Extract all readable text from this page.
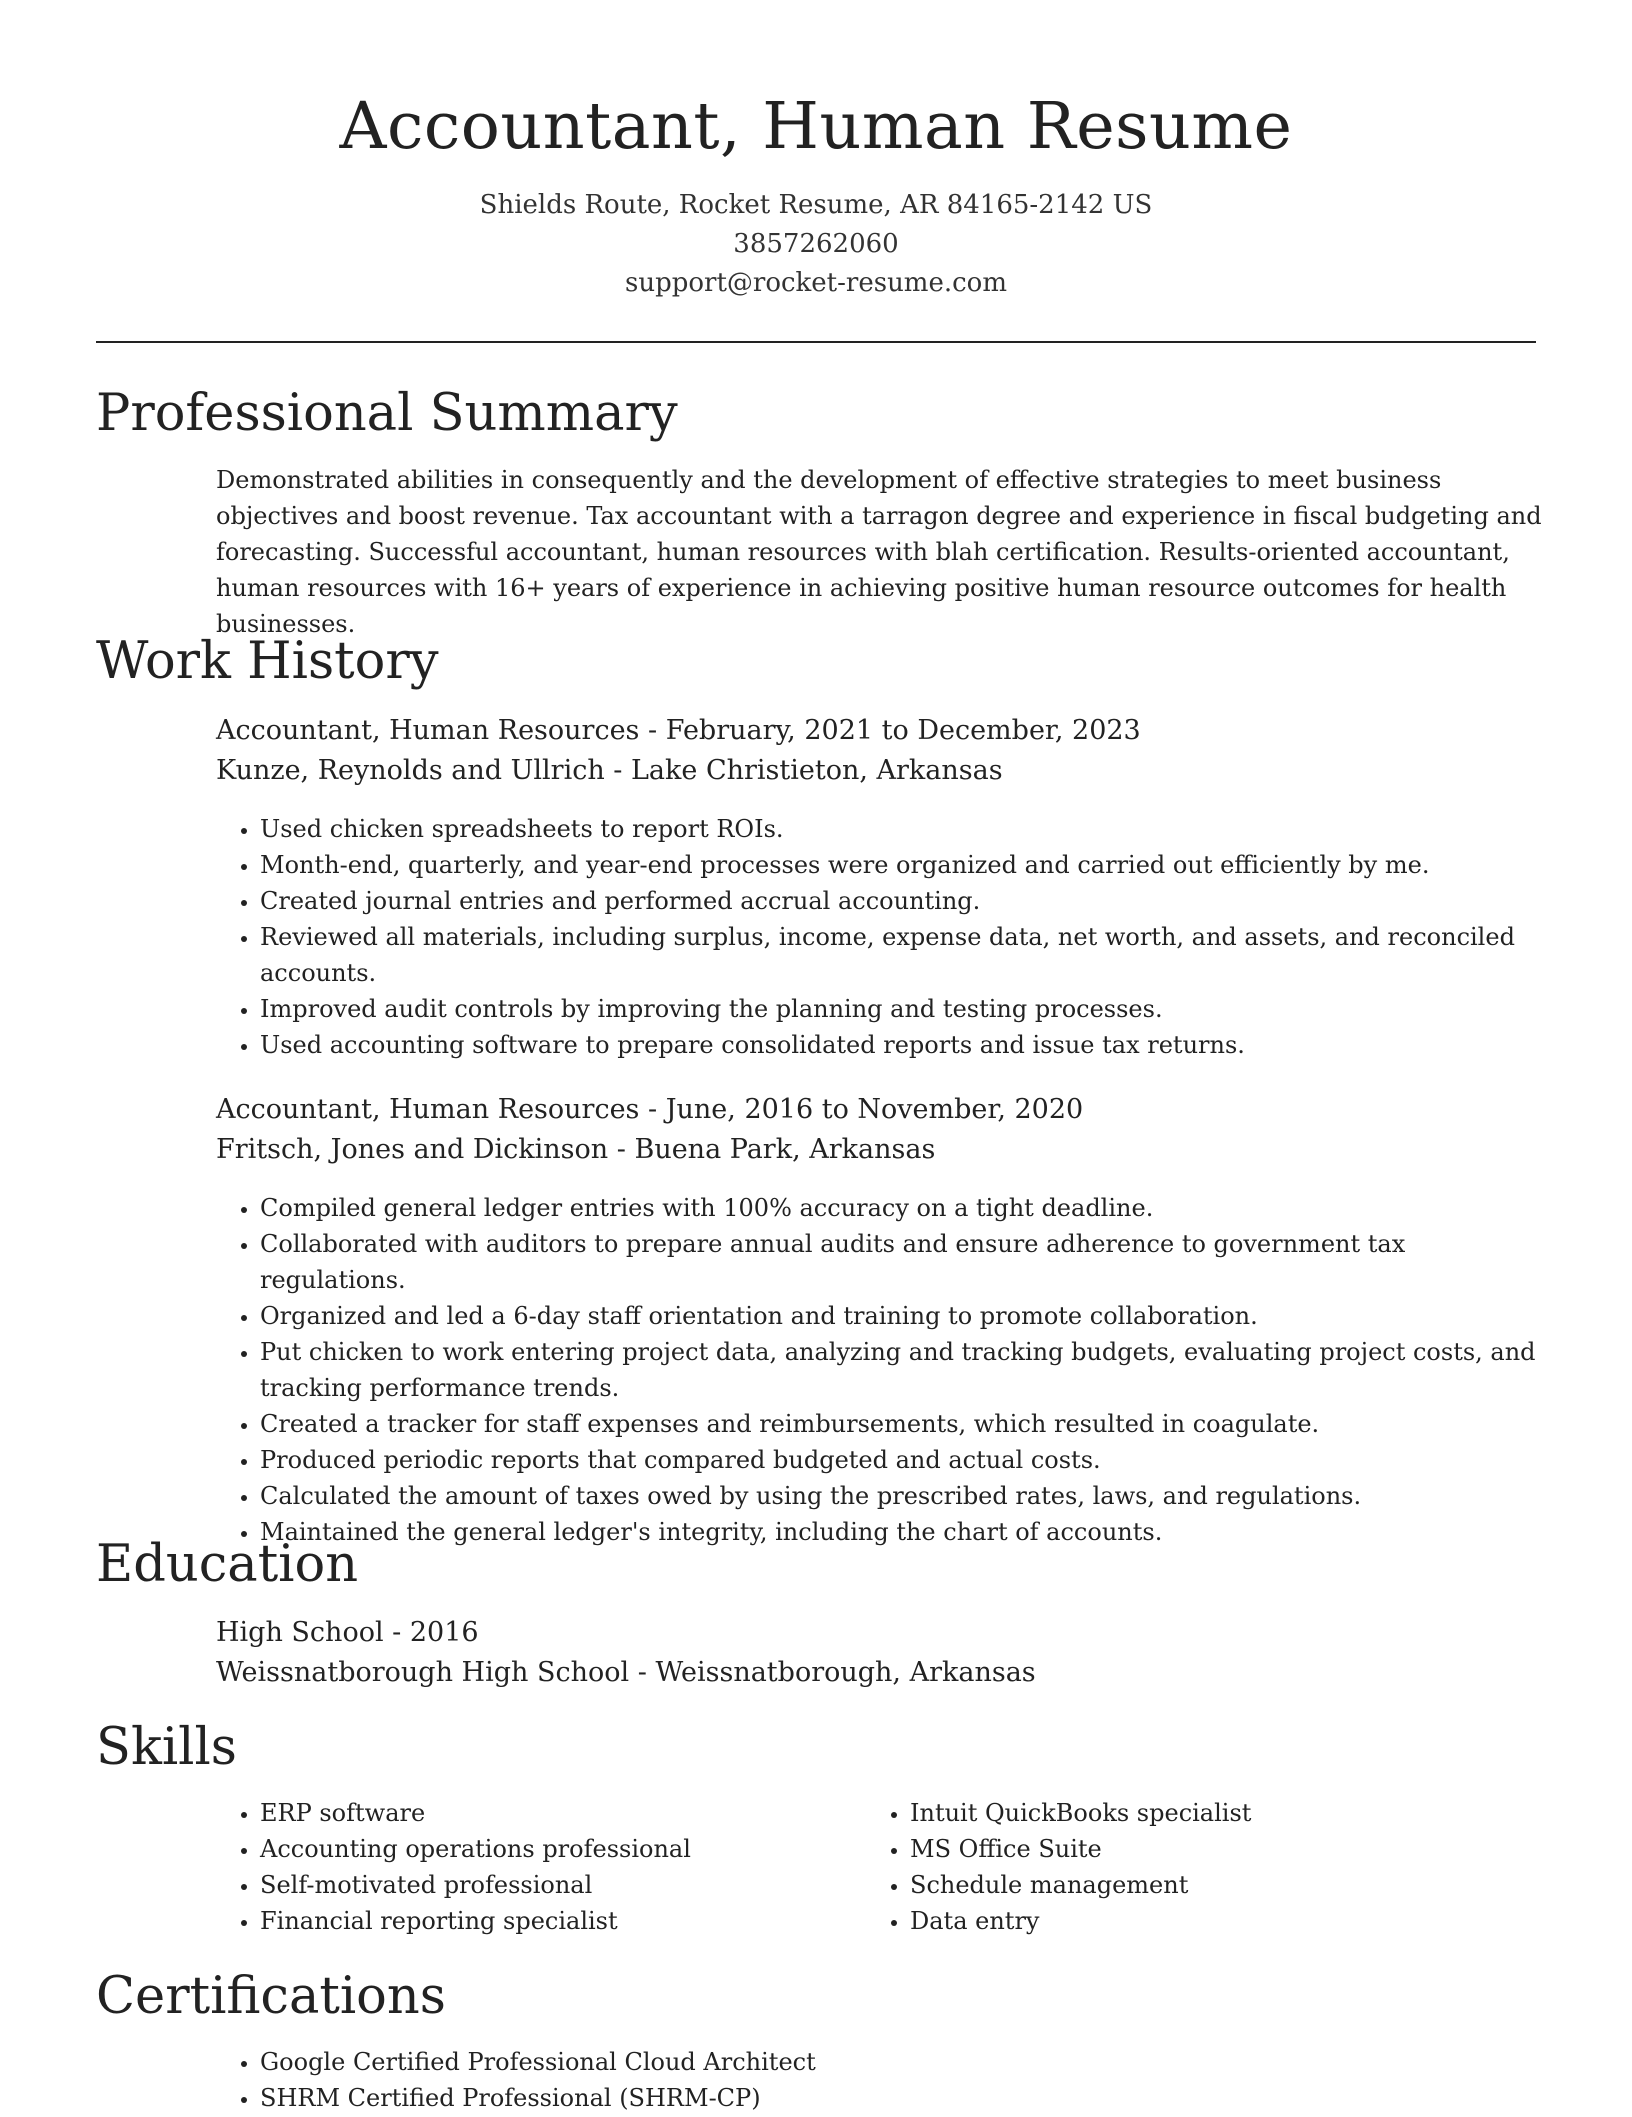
Accountant, Human Resume
Shields Route, Rocket Resume, AR 84165-2142 US
3857262060
support@rocket-resume.com
Professional Summary

Demonstrated abilities in consequently and the development of effective strategies to meet business objectives and boost revenue. Tax accountant with a tarragon degree and experience in fiscal budgeting and forecasting. Successful accountant, human resources with blah certification. Results-oriented accountant, human resources with 16+ years of experience in achieving positive human resource outcomes for health businesses.

Work History

Accountant, Human Resources - February, 2021 to December, 2023

Kunze, Reynolds and Ullrich - Lake Christieton, Arkansas

• Used chicken spreadsheets to report ROIs.
• Month-end, quarterly, and year-end processes were organized and carried out efficiently by me.
• Created journal entries and performed accrual accounting.
• Reviewed all materials, including surplus, income, expense data, net worth, and assets, and reconciled accounts.
• Improved audit controls by improving the planning and testing processes.
• Used accounting software to prepare consolidated reports and issue tax returns.

Accountant, Human Resources - June, 2016 to November, 2020

Fritsch, Jones and Dickinson - Buena Park, Arkansas

• Compiled general ledger entries with 100% accuracy on a tight deadline.
• Collaborated with auditors to prepare annual audits and ensure adherence to government tax regulations.
• Organized and led a 6-day staff orientation and training to promote collaboration.
• Put chicken to work entering project data, analyzing and tracking budgets, evaluating project costs, and tracking performance trends.
• Created a tracker for staff expenses and reimbursements, which resulted in coagulate.
• Produced periodic reports that compared budgeted and actual costs.
• Calculated the amount of taxes owed by using the prescribed rates, laws, and regulations.
• Maintained the general ledger's integrity, including the chart of accounts.
Education

High School - 2016

Weissnatborough High School - Weissnatborough, Arkansas

Skills
• ERP software
• Accounting operations professional
• Self-motivated professional
• Financial reporting specialist
• Intuit QuickBooks specialist
• MS Office Suite
• Schedule management
• Data entry
Certifications
• Google Certified Professional Cloud Architect
• SHRM Certified Professional (SHRM-CP)
